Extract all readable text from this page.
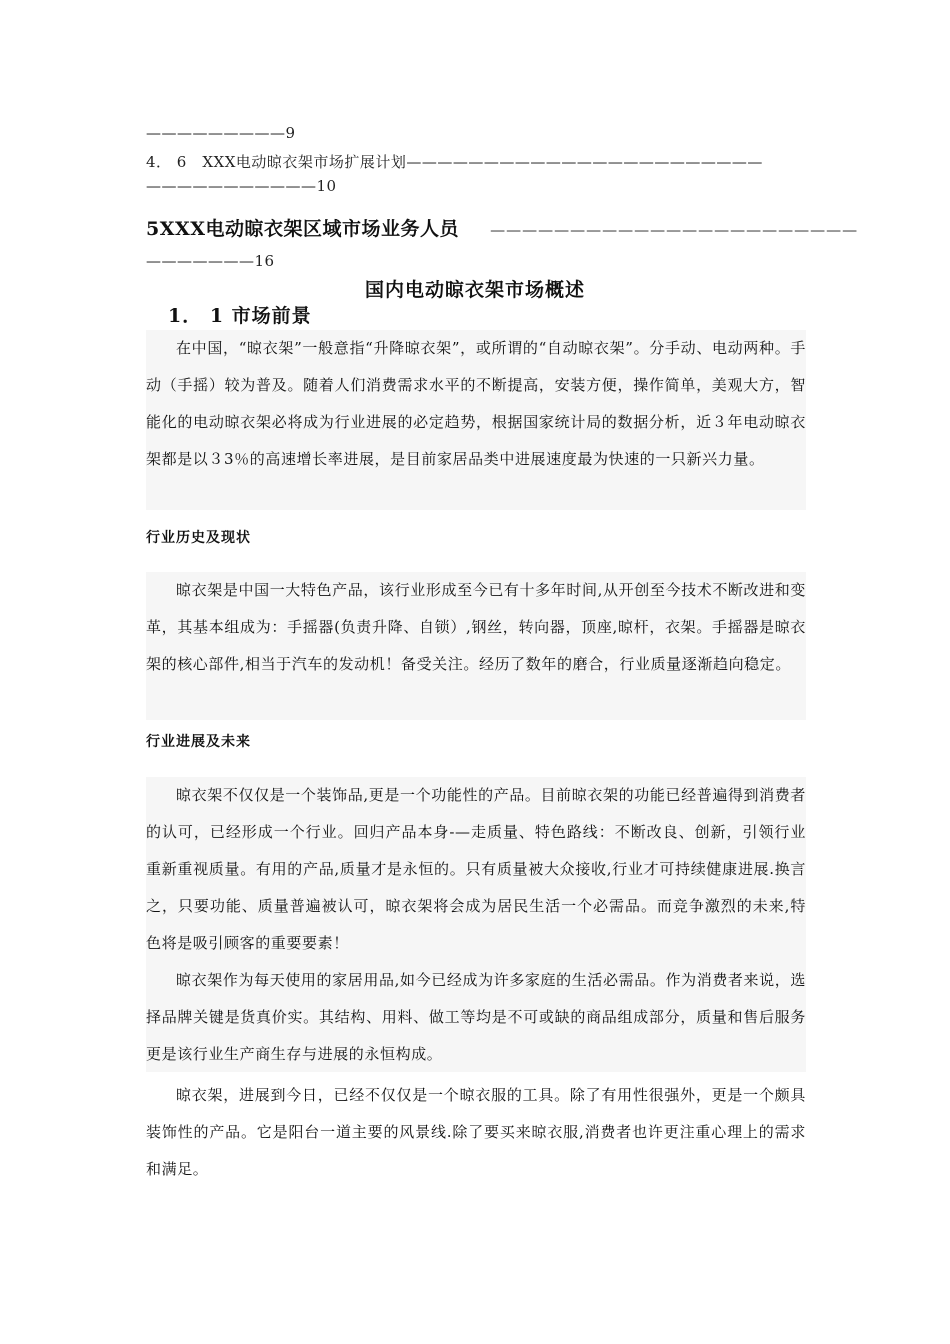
—————————9
4． 6　XXX电动晾衣架市场扩展计划———————————————————————
———————————10
5XXX电动晾衣架区域市场业务人员 ———————————————————————
———————16
国内电动晾衣架市场概述
1． 1 市场前景

在中国，“晾衣架”一般意指“升降晾衣架”，或所谓的“自动晾衣架”。分手动、电动两种。手动（手摇）较为普及。随着人们消费需求水平的不断提高，安装方便，操作简单，美观大方，智能化的电动晾衣架必将成为行业进展的必定趋势，根据国家统计局的数据分析，近３年电动晾衣架都是以３3％的高速增长率进展，是目前家居品类中进展速度最为快速的一只新兴力量。

行业历史及现状

晾衣架是中国一大特色产品，该行业形成至今已有十多年时间,从开创至今技术不断改进和变革，其基本组成为：手摇器(负责升降、自锁）,钢丝，转向器，顶座,晾杆，衣架。手摇器是晾衣架的核心部件,相当于汽车的发动机！备受关注。经历了数年的磨合，行业质量逐渐趋向稳定。

行业进展及未来

晾衣架不仅仅是一个装饰品,更是一个功能性的产品。目前晾衣架的功能已经普遍得到消费者的认可，已经形成一个行业。回归产品本身-—走质量、特色路线：不断改良、创新，引领行业重新重视质量。有用的产品,质量才是永恒的。只有质量被大众接收,行业才可持续健康进展.换言之，只要功能、质量普遍被认可，晾衣架将会成为居民生活一个必需品。而竞争激烈的未来,特色将是吸引顾客的重要要素！

晾衣架作为每天使用的家居用品,如今已经成为许多家庭的生活必需品。作为消费者来说，选择品牌关键是货真价实。其结构、用料、做工等均是不可或缺的商品组成部分，质量和售后服务更是该行业生产商生存与进展的永恒构成。

晾衣架，进展到今日，已经不仅仅是一个晾衣服的工具。除了有用性很强外，更是一个颇具装饰性的产品。它是阳台一道主要的风景线.除了要买来晾衣服,消费者也许更注重心理上的需求和满足。
